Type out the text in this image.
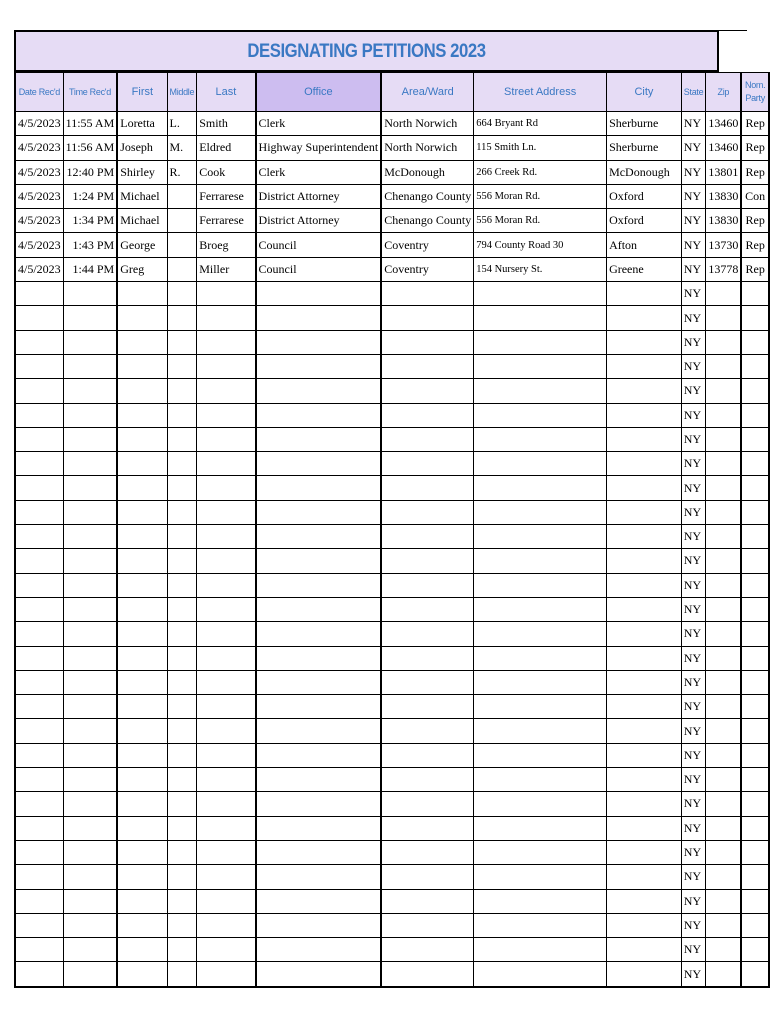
DESIGNATING PETITIONS 2023
Date Rec'd	Time Rec'd	First	Middle	Last	Office	Area/Ward	Street Address	City	State	Zip	Nom. Party
4/5/2023	11:55 AM	Loretta	L.	Smith	Clerk	North Norwich	664 Bryant Rd	Sherburne	NY	13460	Rep
4/5/2023	11:56 AM	Joseph	M.	Eldred	Highway Superintendent	North Norwich	115 Smith Ln.	Sherburne	NY	13460	Rep
4/5/2023	12:40 PM	Shirley	R.	Cook	Clerk	McDonough	266 Creek Rd.	McDonough	NY	13801	Rep
4/5/2023	1:24 PM	Michael		Ferrarese	District Attorney	Chenango County	556 Moran Rd.	Oxford	NY	13830	Con
4/5/2023	1:34 PM	Michael		Ferrarese	District Attorney	Chenango County	556 Moran Rd.	Oxford	NY	13830	Rep
4/5/2023	1:43 PM	George		Broeg	Council	Coventry	794 County Road 30	Afton	NY	13730	Rep
4/5/2023	1:44 PM	Greg		Miller	Council	Coventry	154 Nursery St.	Greene	NY	13778	Rep
									NY		
									NY		
									NY		
									NY		
									NY		
									NY		
									NY		
									NY		
									NY		
									NY		
									NY		
									NY		
									NY		
									NY		
									NY		
									NY		
									NY		
									NY		
									NY		
									NY		
									NY		
									NY		
									NY		
									NY		
									NY		
									NY		
									NY		
									NY		
									NY		
